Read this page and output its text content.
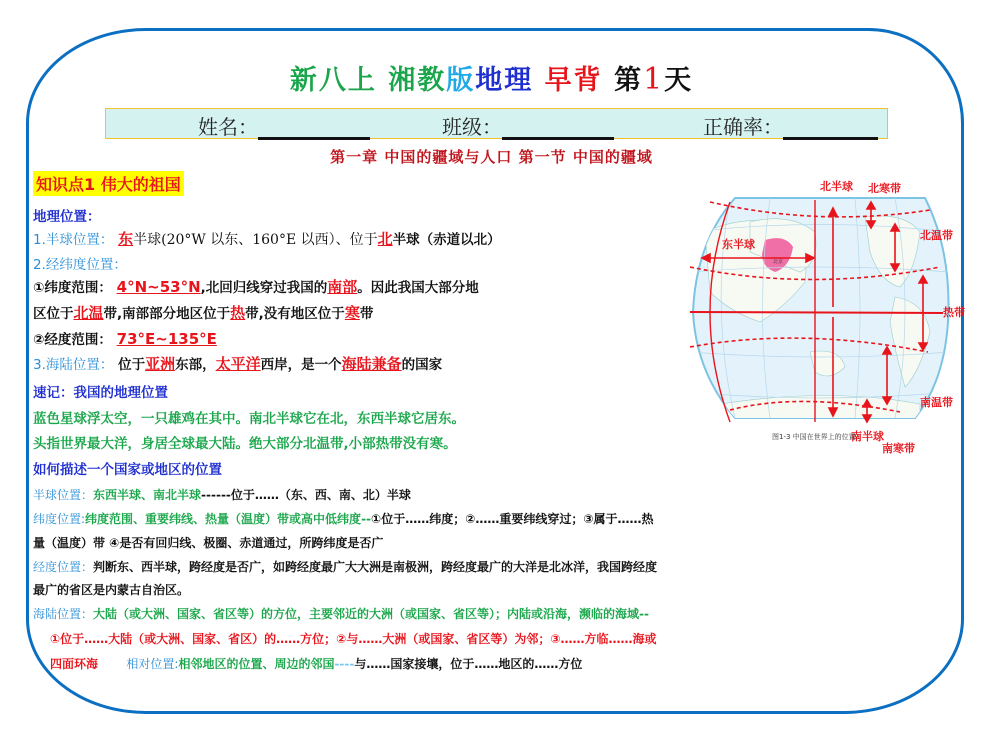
新八上 湘教版地理 早背 第1天
姓名：	班级：	正确率：
第一章 中国的疆域与人口 第一节 中国的疆域
知识点1 伟大的祖国
地理位置：
1.半球位置： 东半球(20°W 以东、160°E 以西）、位于北半球（赤道以北）
2.经纬度位置：
①纬度范围： 4°N~53°N,北回归线穿过我国的南部。因此我国大部分地
区位于北温带,南部部分地区位于热带,没有地区位于寒带
②经度范围： 73°E~135°E
3.海陆位置： 位于亚洲东部，太平洋西岸，是一个海陆兼备的国家
速记：我国的地理位置
蓝色星球浮太空，一只雄鸡在其中。南北半球它在北，东西半球它居东。
头指世界最大洋，身居全球最大陆。绝大部分北温带,小部热带没有寒。
如何描述一个国家或地区的位置
半球位置：东西半球、南北半球------位于……（东、西、南、北）半球
纬度位置:纬度范围、重要纬线、热量（温度）带或高中低纬度--①位于……纬度；②……重要纬线穿过；③属于……热
量（温度）带 ④是否有回归线、极圈、赤道通过，所跨纬度是否广
经度位置：判断东、西半球，跨经度是否广，如跨经度最广大大洲是南极洲，跨经度最广的大洋是北冰洋，我国跨经度
最广的省区是内蒙古自治区。
海陆位置：大陆（或大洲、国家、省区等）的方位，主要邻近的大洲（或国家、省区等）；内陆或沿海，濒临的海域--
①位于……大陆（或大洲、国家、省区）的……方位；②与……大洲（或国家、省区等）为邻；③……方临……海或
四面环海 相对位置:相邻地区的位置、周边的邻国----与……国家接壤，位于……地区的……方位
北半球 北寒带
东半球
北温带
热带
南温带
南半球
南寒带
北京
图1-3 中国在世界上的位置
